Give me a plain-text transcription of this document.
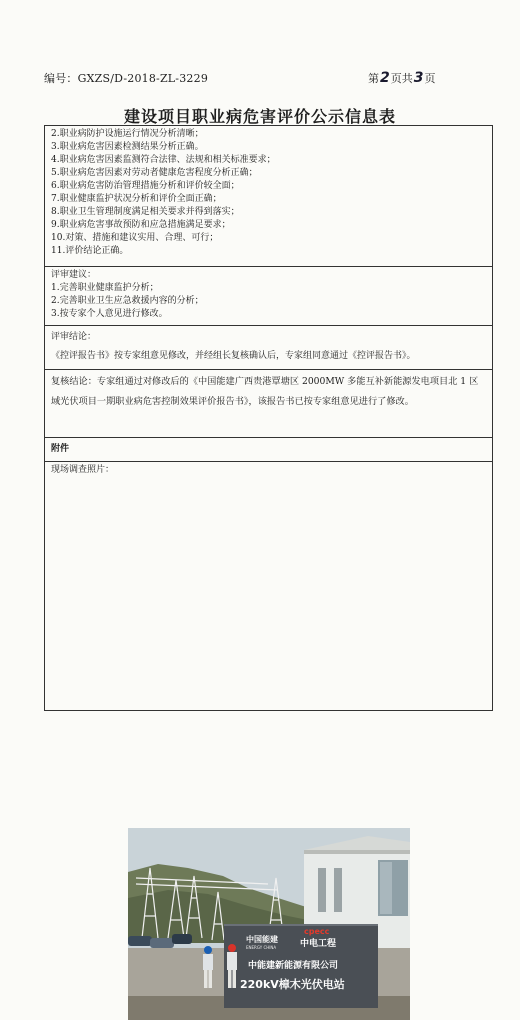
编号：GXZS/D-2018-ZL-3229	第2页共3页
建设项目职业病危害评价公示信息表
2.职业病防护设施运行情况分析清晰；
3.职业病危害因素检测结果分析正确。
4.职业病危害因素监测符合法律、法规和相关标准要求；
5.职业病危害因素对劳动者健康危害程度分析正确；
6.职业病危害防治管理措施分析和评价较全面；
7.职业健康监护状况分析和评价全面正确；
8.职业卫生管理制度满足相关要求并得到落实；
9.职业病危害事故预防和应急措施满足要求；
10.对策、措施和建议实用、合理、可行；
11.评价结论正确。
评审建议：
1.完善职业健康监护分析；
2.完善职业卫生应急救援内容的分析；
3.按专家个人意见进行修改。
评审结论：
《控评报告书》按专家组意见修改，并经组长复核确认后，专家组同意通过《控评报告书》。
复核结论：专家组通过对修改后的《中国能建广西贵港覃塘区 2000MW 多能互补新能源发电项目北 1 区域光伏项目一期职业病危害控制效果评价报告书》，该报告书已按专家组意见进行了修改。
附件
现场调查照片：
中国能建
ENERGY CHINA
cpecc
中电工程
中能建新能源有限公司
220kV樟木光伏电站
